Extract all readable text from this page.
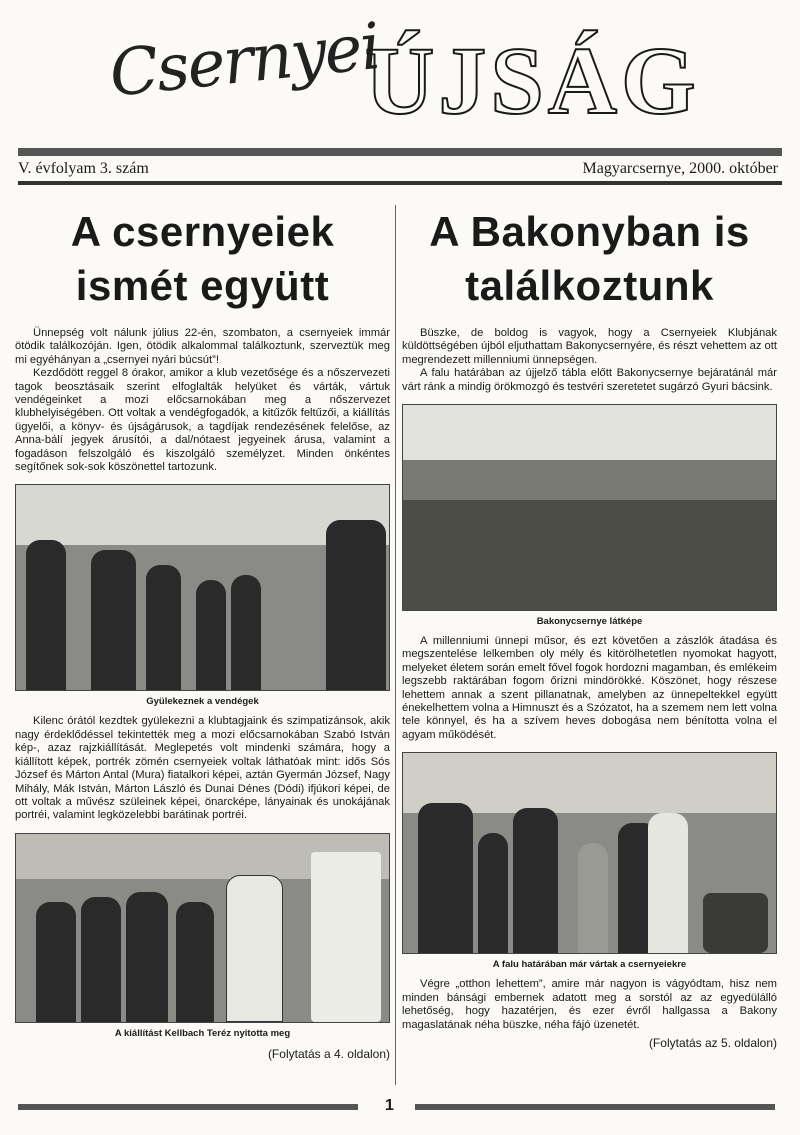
Csernyei
ÚJSÁG
V. évfolyam 3. szám	Magyarcsernye, 2000. október
A csernyeiek ismét együtt

Ünnepség volt nálunk július 22-én, szombaton, a csernyeiek immár ötödik találkozóján. Igen, ötödik alkalommal találkoztunk, szerveztük meg mi egyéhányan a „csernyei nyári búcsút”!

Kezdődött reggel 8 órakor, amikor a klub vezetősége és a nőszervezeti tagok beosztásaik szerint elfoglalták helyüket és várták, vártuk vendégeinket a mozi előcsarnokában meg a nőszervezet klubhelyiségében. Ott voltak a vendégfogadók, a kitűzők feltűzői, a kiállítás ügyelői, a könyv- és újságárusok, a tagdíjak rendezésének felelőse, az Anna-bálí jegyek árusítói, a dal/nótaest jegyeinek árusa, valamint a fogadáson felszolgáló és kiszolgáló személyzet. Minden önkéntes segítőnek sok-sok köszönettel tartozunk.

Gyülekeznek a vendégek

Kilenc órától kezdtek gyülekezni a klubtagjaink és szimpatizánsok, akik nagy érdeklődéssel tekintették meg a mozi előcsarnokában Szabó István kép-, azaz rajzkiállítását. Meglepetés volt mindenki számára, hogy a kiállított képek, portrék zömén csernyeiek voltak láthatóak mint: idős Sós József és Márton Antal (Mura) fiatalkori képei, aztán Gyermán József, Nagy Mihály, Mák István, Márton László és Dunai Dénes (Dódi) ifjúkori képei, de ott voltak a művész szüleinek képei, önarcképe, lányainak és unokájának portréi, valamint legközelebbi barátinak portréi.

A kiállítást Kellbach Teréz nyitotta meg
(Folytatás a 4. oldalon)
A Bakonyban is találkoztunk

Büszke, de boldog is vagyok, hogy a Csernyeiek Klubjának küldöttségében újból eljuthattam Bakonycsernyére, és részt vehettem az ott megrendezett millenniumi ünnepségen.

A falu határában az újjelző tábla előtt Bakonycsernye bejáratánál már várt ránk a mindig örökmozgó és testvéri szeretetet sugárzó Gyuri bácsink.

Bakonycsernye látképe

A millenniumi ünnepi műsor, és ezt követően a zászlók átadása és megszentelése lelkemben oly mély és kitörölhetetlen nyomokat hagyott, melyeket életem során emelt fővel fogok hordozni magamban, és emlékeim legszebb raktárában fogom őrizni mindörökké. Köszönet, hogy részese lehettem annak a szent pillanatnak, amelyben az ünnepeltekkel együtt énekelhettem volna a Himnuszt és a Szózatot, ha a szemem nem lett volna tele könnyel, és ha a szívem heves dobogása nem bénította volna el agyam működését.

A falu határában már vártak a csernyeiekre

Végre „otthon lehettem”, amire már nagyon is vágyódtam, hisz nem minden bánsági embernek adatott meg a sorstól az az egyedülálló lehetőség, hogy hazatérjen, és ezer évről hallgassa a Bakony magaslatának néha büszke, néha fájó üzenetét.

(Folytatás az 5. oldalon)
1
